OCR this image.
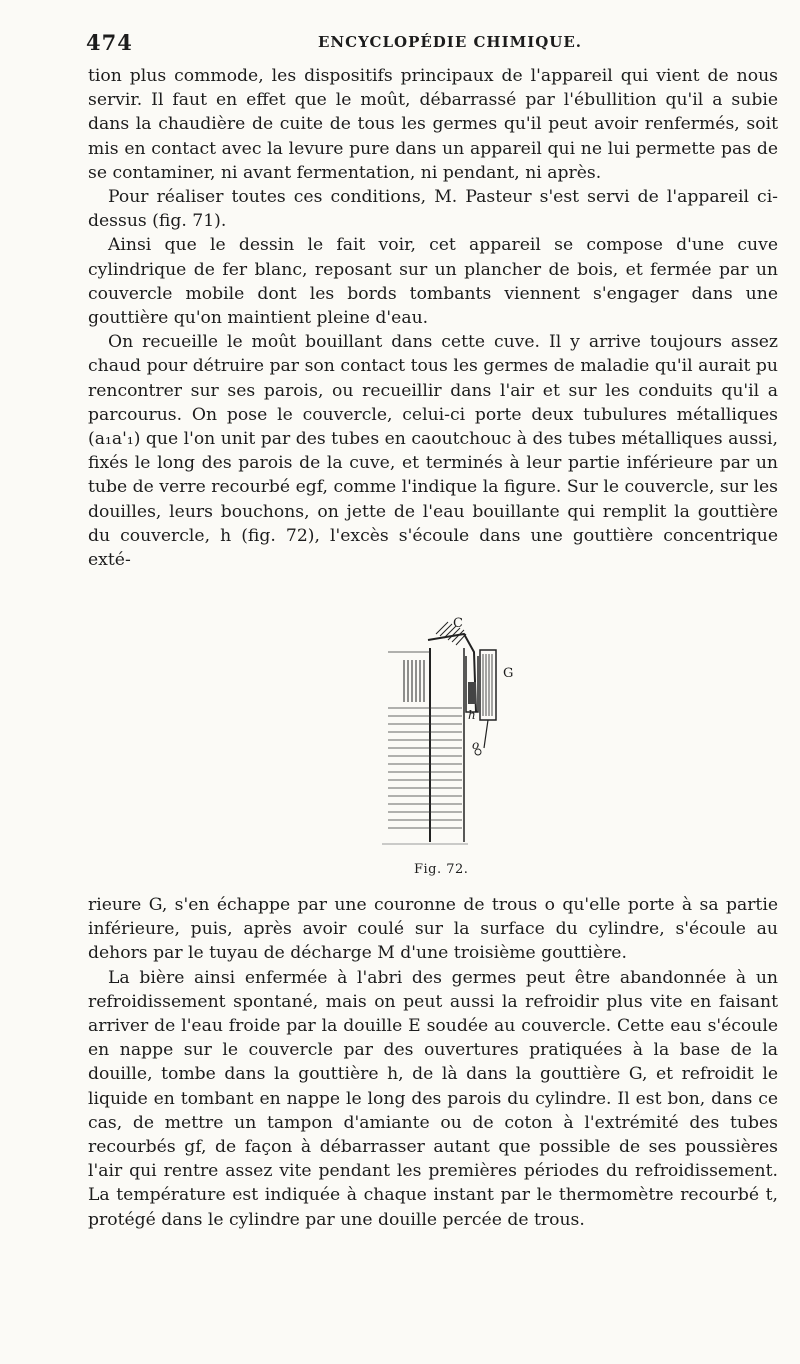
474	ENCYCLOPÉDIE CHIMIQUE.

tion plus commode, les dispositifs principaux de l'appareil qui vient de nous servir. Il faut en effet que le moût, débarrassé par l'ébullition qu'il a subie dans la chaudière de cuite de tous les germes qu'il peut avoir renfermés, soit mis en contact avec la levure pure dans un appareil qui ne lui permette pas de se contaminer, ni avant fermentation, ni pendant, ni après.

Pour réaliser toutes ces conditions, M. Pasteur s'est servi de l'appareil ci-dessus (fig. 71).

Ainsi que le dessin le fait voir, cet appareil se compose d'une cuve cylindrique de fer blanc, reposant sur un plancher de bois, et fermée par un couvercle mobile dont les bords tombants viennent s'engager dans une gouttière qu'on maintient pleine d'eau.

On recueille le moût bouillant dans cette cuve. Il y arrive toujours assez chaud pour détruire par son contact tous les germes de maladie qu'il aurait pu rencontrer sur ses parois, ou recueillir dans l'air et sur les conduits qu'il a parcourus. On pose le couvercle, celui-ci porte deux tubulures métalliques (a₁a'₁) que l'on unit par des tubes en caoutchouc à des tubes métalliques aussi, fixés le long des parois de la cuve, et terminés à leur partie inférieure par un tube de verre recourbé egf, comme l'indique la figure. Sur le couvercle, sur les douilles, leurs bouchons, on jette de l'eau bouillante qui remplit la gouttière du couvercle, h (fig. 72), l'excès s'écoule dans une gouttière concentrique exté-

C
G
h
o
Fig. 72.

rieure G, s'en échappe par une couronne de trous o qu'elle porte à sa partie inférieure, puis, après avoir coulé sur la surface du cylindre, s'écoule au dehors par le tuyau de décharge M d'une troisième gouttière.

La bière ainsi enfermée à l'abri des germes peut être abandonnée à un refroidissement spontané, mais on peut aussi la refroidir plus vite en faisant arriver de l'eau froide par la douille E soudée au couvercle. Cette eau s'écoule en nappe sur le couvercle par des ouvertures pratiquées à la base de la douille, tombe dans la gouttière h, de là dans la gouttière G, et refroidit le liquide en tombant en nappe le long des parois du cylindre. Il est bon, dans ce cas, de mettre un tampon d'amiante ou de coton à l'extrémité des tubes recourbés gf, de façon à débarrasser autant que possible de ses poussières l'air qui rentre assez vite pendant les premières périodes du refroidissement. La température est indiquée à chaque instant par le thermomètre recourbé t, protégé dans le cylindre par une douille percée de trous.
